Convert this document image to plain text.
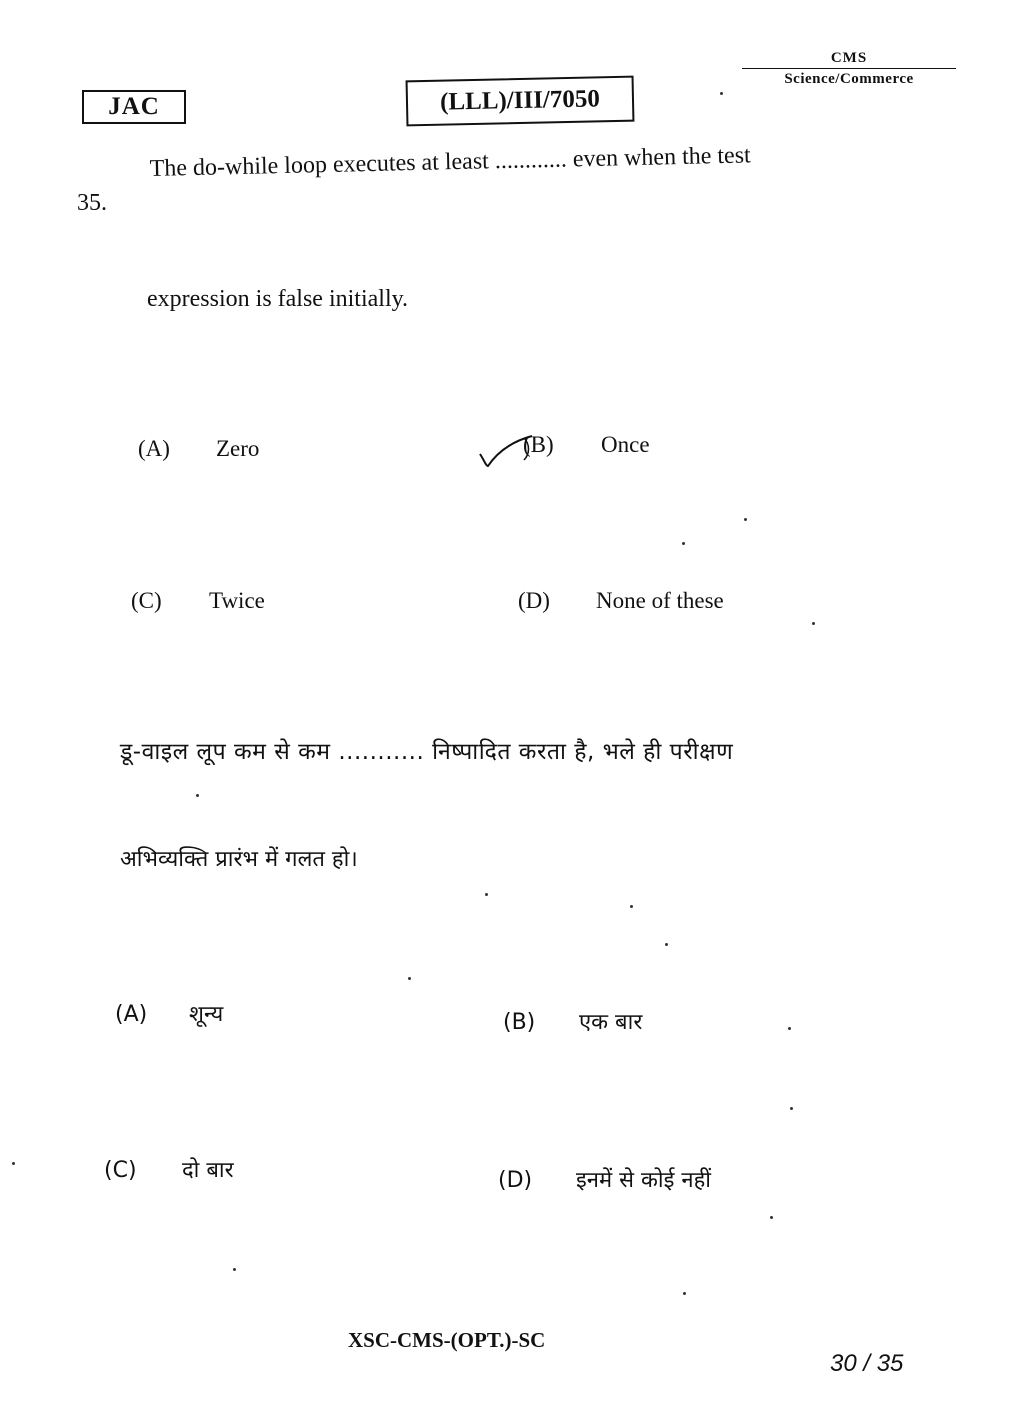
JAC	(LLL)/III/7050
CMS
Science/Commerce
35.
The do-while loop executes at least ............ even when the test
expression is false initially.
(A) Zero	(B) Once
(C) Twice	(D) None of these
डू-वाइल लूप कम से कम ........... निष्पादित करता है, भले ही परीक्षण
अभिव्यक्ति प्रारंभ में गलत हो।
(A) शून्य	(B) एक बार
(C) दो बार	(D) इनमें से कोई नहीं
XSC-CMS-(OPT.)-SC
30 / 35
